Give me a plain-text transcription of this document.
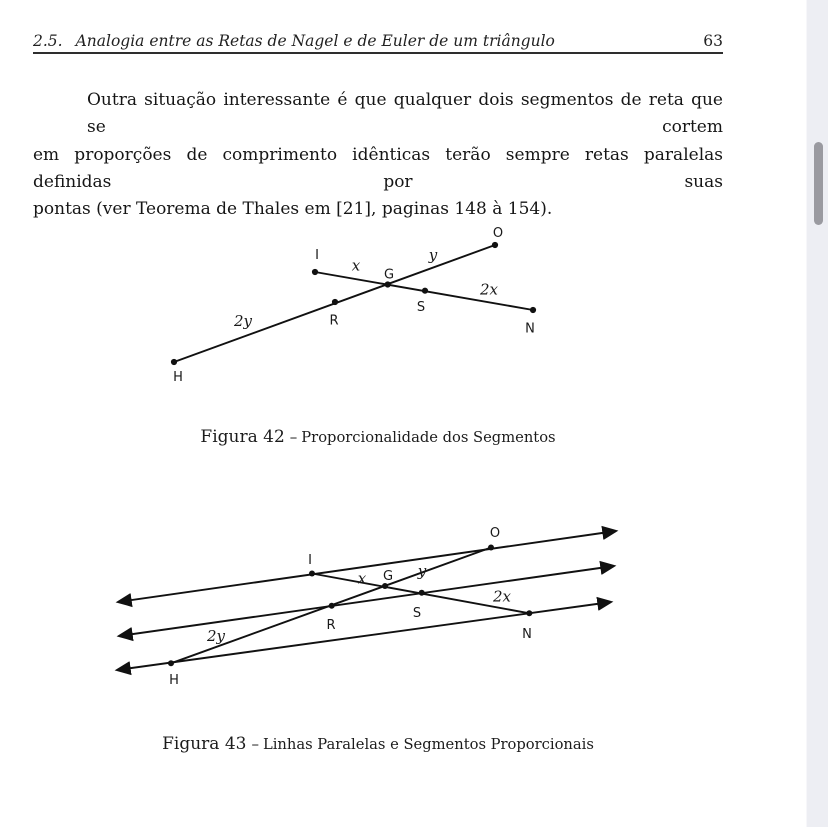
2.5. Analogia entre as Retas de Nagel e de Euler de um triângulo	63
Outra situação interessante é que qualquer dois segmentos de reta que se cortem
em proporções de comprimento idênticas terão sempre retas paralelas definidas por suas
pontas (ver Teorema de Thales em [21], paginas 148 à 154).
H
I
O
G
S
R
N
x
y
2x
2y
Figura 42 – Proporcionalidade dos Segmentos
I
O
G
S
R
N
H
x	y
2x
2y
Figura 43 – Linhas Paralelas e Segmentos Proporcionais
